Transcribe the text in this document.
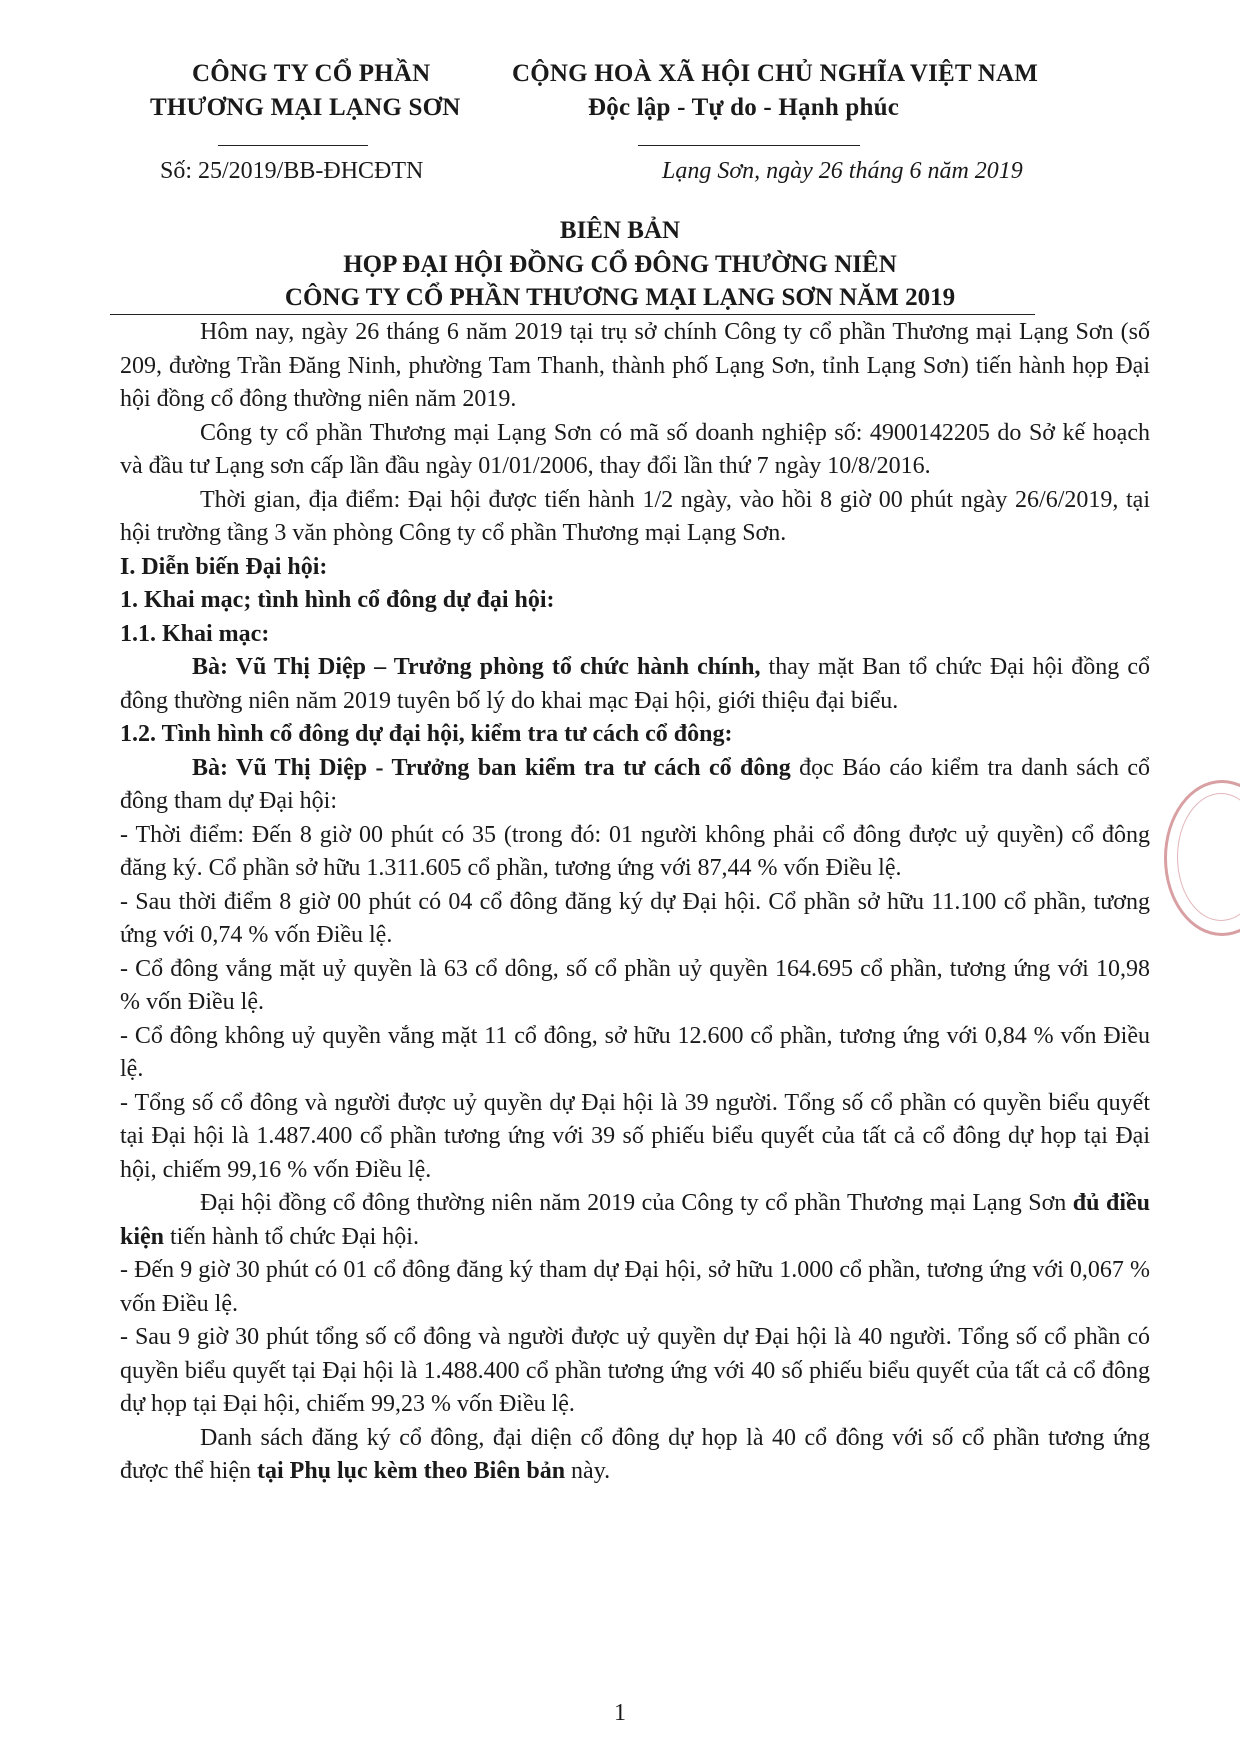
CÔNG TY CỔ PHẦN
THƯƠNG MẠI LẠNG SƠN
Số: 25/2019/BB-ĐHCĐTN
CỘNG HOÀ XÃ HỘI CHỦ NGHĨA VIỆT NAM
Độc lập - Tự do - Hạnh phúc
Lạng Sơn, ngày 26 tháng 6 năm 2019
BIÊN BẢN
HỌP ĐẠI HỘI ĐỒNG CỔ ĐÔNG THƯỜNG NIÊN
CÔNG TY CỔ PHẦN THƯƠNG MẠI LẠNG SƠN NĂM 2019

Hôm nay, ngày 26 tháng 6 năm 2019 tại trụ sở chính Công ty cổ phần Thương mại Lạng Sơn (số 209, đường Trần Đăng Ninh, phường Tam Thanh, thành phố Lạng Sơn, tỉnh Lạng Sơn) tiến hành họp Đại hội đồng cổ đông thường niên năm 2019.

Công ty cổ phần Thương mại Lạng Sơn có mã số doanh nghiệp số: 4900142205 do Sở kế hoạch và đầu tư Lạng sơn cấp lần đầu ngày 01/01/2006, thay đổi lần thứ 7 ngày 10/8/2016.

Thời gian, địa điểm: Đại hội được tiến hành 1/2 ngày, vào hồi 8 giờ 00 phút ngày 26/6/2019, tại hội trường tầng 3 văn phòng Công ty cổ phần Thương mại Lạng Sơn.

I. Diễn biến Đại hội:

1. Khai mạc; tình hình cổ đông dự đại hội:

1.1. Khai mạc:

Bà: Vũ Thị Diệp – Trưởng phòng tổ chức hành chính, thay mặt Ban tổ chức Đại hội đồng cổ đông thường niên năm 2019 tuyên bố lý do khai mạc Đại hội, giới thiệu đại biểu.

1.2. Tình hình cổ đông dự đại hội, kiểm tra tư cách cổ đông:

Bà: Vũ Thị Diệp - Trưởng ban kiểm tra tư cách cổ đông đọc Báo cáo kiểm tra danh sách cổ đông tham dự Đại hội:

- Thời điểm: Đến 8 giờ 00 phút có 35 (trong đó: 01 người không phải cổ đông được uỷ quyền) cổ đông đăng ký. Cổ phần sở hữu 1.311.605 cổ phần, tương ứng với 87,44 % vốn Điều lệ.

- Sau thời điểm 8 giờ 00 phút có 04 cổ đông đăng ký dự Đại hội. Cổ phần sở hữu 11.100 cổ phần, tương ứng với 0,74 % vốn Điều lệ.

- Cổ đông vắng mặt uỷ quyền là 63 cổ dông, số cổ phần uỷ quyền 164.695 cổ phần, tương ứng với 10,98 % vốn Điều lệ.

- Cổ đông không uỷ quyền vắng mặt 11 cổ đông, sở hữu 12.600 cổ phần, tương ứng với 0,84 % vốn Điều lệ.

- Tổng số cổ đông và người được uỷ quyền dự Đại hội là 39 người. Tổng số cổ phần có quyền biểu quyết tại Đại hội là 1.487.400 cổ phần tương ứng với 39 số phiếu biểu quyết của tất cả cổ đông dự họp tại Đại hội, chiếm 99,16 % vốn Điều lệ.

Đại hội đồng cổ đông thường niên năm 2019 của Công ty cổ phần Thương mại Lạng Sơn đủ điều kiện tiến hành tổ chức Đại hội.

- Đến 9 giờ 30 phút có 01 cổ đông đăng ký tham dự Đại hội, sở hữu 1.000 cổ phần, tương ứng với 0,067 % vốn Điều lệ.

- Sau 9 giờ 30 phút tổng số cổ đông và người được uỷ quyền dự Đại hội là 40 người. Tổng số cổ phần có quyền biểu quyết tại Đại hội là 1.488.400 cổ phần tương ứng với 40 số phiếu biểu quyết của tất cả cổ đông dự họp tại Đại hội, chiếm 99,23 % vốn Điều lệ.

Danh sách đăng ký cổ đông, đại diện cổ đông dự họp là 40 cổ đông với số cổ phần tương ứng được thể hiện tại Phụ lục kèm theo Biên bản này.

1
